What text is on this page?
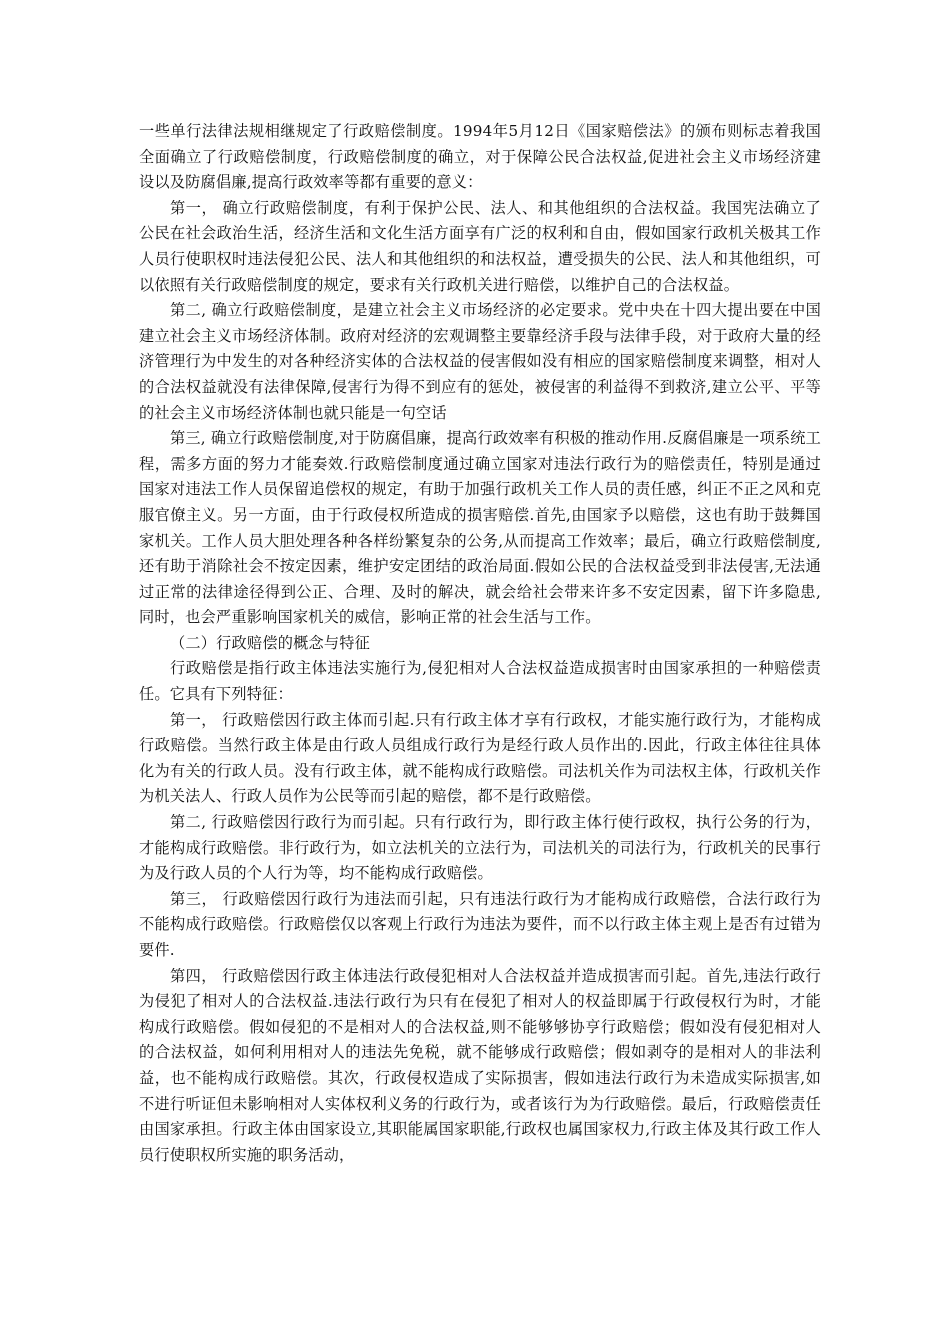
一些单行法律法规相继规定了行政赔偿制度。1994年5月12日《国家赔偿法》的颁布则标志着我国全面确立了行政赔偿制度，行政赔偿制度的确立，对于保障公民合法权益,促进社会主义市场经济建设以及防腐倡廉,提高行政效率等都有重要的意义：

第一， 确立行政赔偿制度，有利于保护公民、法人、和其他组织的合法权益。我国宪法确立了公民在社会政治生活，经济生活和文化生活方面享有广泛的权利和自由，假如国家行政机关极其工作人员行使职权时违法侵犯公民、法人和其他组织的和法权益，遭受损失的公民、法人和其他组织，可以依照有关行政赔偿制度的规定，要求有关行政机关进行赔偿，以维护自己的合法权益。

第二, 确立行政赔偿制度，是建立社会主义市场经济的必定要求。党中央在十四大提出要在中国建立社会主义市场经济体制。政府对经济的宏观调整主要靠经济手段与法律手段，对于政府大量的经济管理行为中发生的对各种经济实体的合法权益的侵害假如没有相应的国家赔偿制度来调整，相对人的合法权益就没有法律保障,侵害行为得不到应有的惩处，被侵害的利益得不到救济,建立公平、平等的社会主义市场经济体制也就只能是一句空话

第三, 确立行政赔偿制度,对于防腐倡廉，提高行政效率有积极的推动作用.反腐倡廉是一项系统工程，需多方面的努力才能奏效.行政赔偿制度通过确立国家对违法行政行为的赔偿责任，特别是通过国家对违法工作人员保留追偿权的规定，有助于加强行政机关工作人员的责任感，纠正不正之风和克服官僚主义。另一方面，由于行政侵权所造成的损害赔偿.首先,由国家予以赔偿，这也有助于鼓舞国家机关。工作人员大胆处理各种各样纷繁复杂的公务,从而提高工作效率；最后，确立行政赔偿制度,还有助于消除社会不按定因素，维护安定团结的政治局面.假如公民的合法权益受到非法侵害,无法通过正常的法律途径得到公正、合理、及时的解决，就会给社会带来许多不安定因素，留下许多隐患,同时，也会严重影响国家机关的威信，影响正常的社会生活与工作。

（二）行政赔偿的概念与特征

行政赔偿是指行政主体违法实施行为,侵犯相对人合法权益造成损害时由国家承担的一种赔偿责任。它具有下列特征：

第一， 行政赔偿因行政主体而引起.只有行政主体才享有行政权，才能实施行政行为，才能构成行政赔偿。当然行政主体是由行政人员组成行政行为是经行政人员作出的.因此，行政主体往往具体化为有关的行政人员。没有行政主体，就不能构成行政赔偿。司法机关作为司法权主体，行政机关作为机关法人、行政人员作为公民等而引起的赔偿，都不是行政赔偿。

第二, 行政赔偿因行政行为而引起。只有行政行为，即行政主体行使行政权，执行公务的行为，才能构成行政赔偿。非行政行为，如立法机关的立法行为，司法机关的司法行为，行政机关的民事行为及行政人员的个人行为等，均不能构成行政赔偿。

第三， 行政赔偿因行政行为违法而引起，只有违法行政行为才能构成行政赔偿，合法行政行为不能构成行政赔偿。行政赔偿仅以客观上行政行为违法为要件，而不以行政主体主观上是否有过错为要件.

第四， 行政赔偿因行政主体违法行政侵犯相对人合法权益并造成损害而引起。首先,违法行政行为侵犯了相对人的合法权益.违法行政行为只有在侵犯了相对人的权益即属于行政侵权行为时，才能构成行政赔偿。假如侵犯的不是相对人的合法权益,则不能够够协亨行政赔偿；假如没有侵犯相对人的合法权益，如何利用相对人的违法先免税，就不能够成行政赔偿；假如剥夺的是相对人的非法利益，也不能构成行政赔偿。其次，行政侵权造成了实际损害，假如违法行政行为未造成实际损害,如不进行听证但未影响相对人实体权利义务的行政行为，或者该行为为行政赔偿。最后，行政赔偿责任由国家承担。行政主体由国家设立,其职能属国家职能,行政权也属国家权力,行政主体及其行政工作人员行使职权所实施的职务活动，
